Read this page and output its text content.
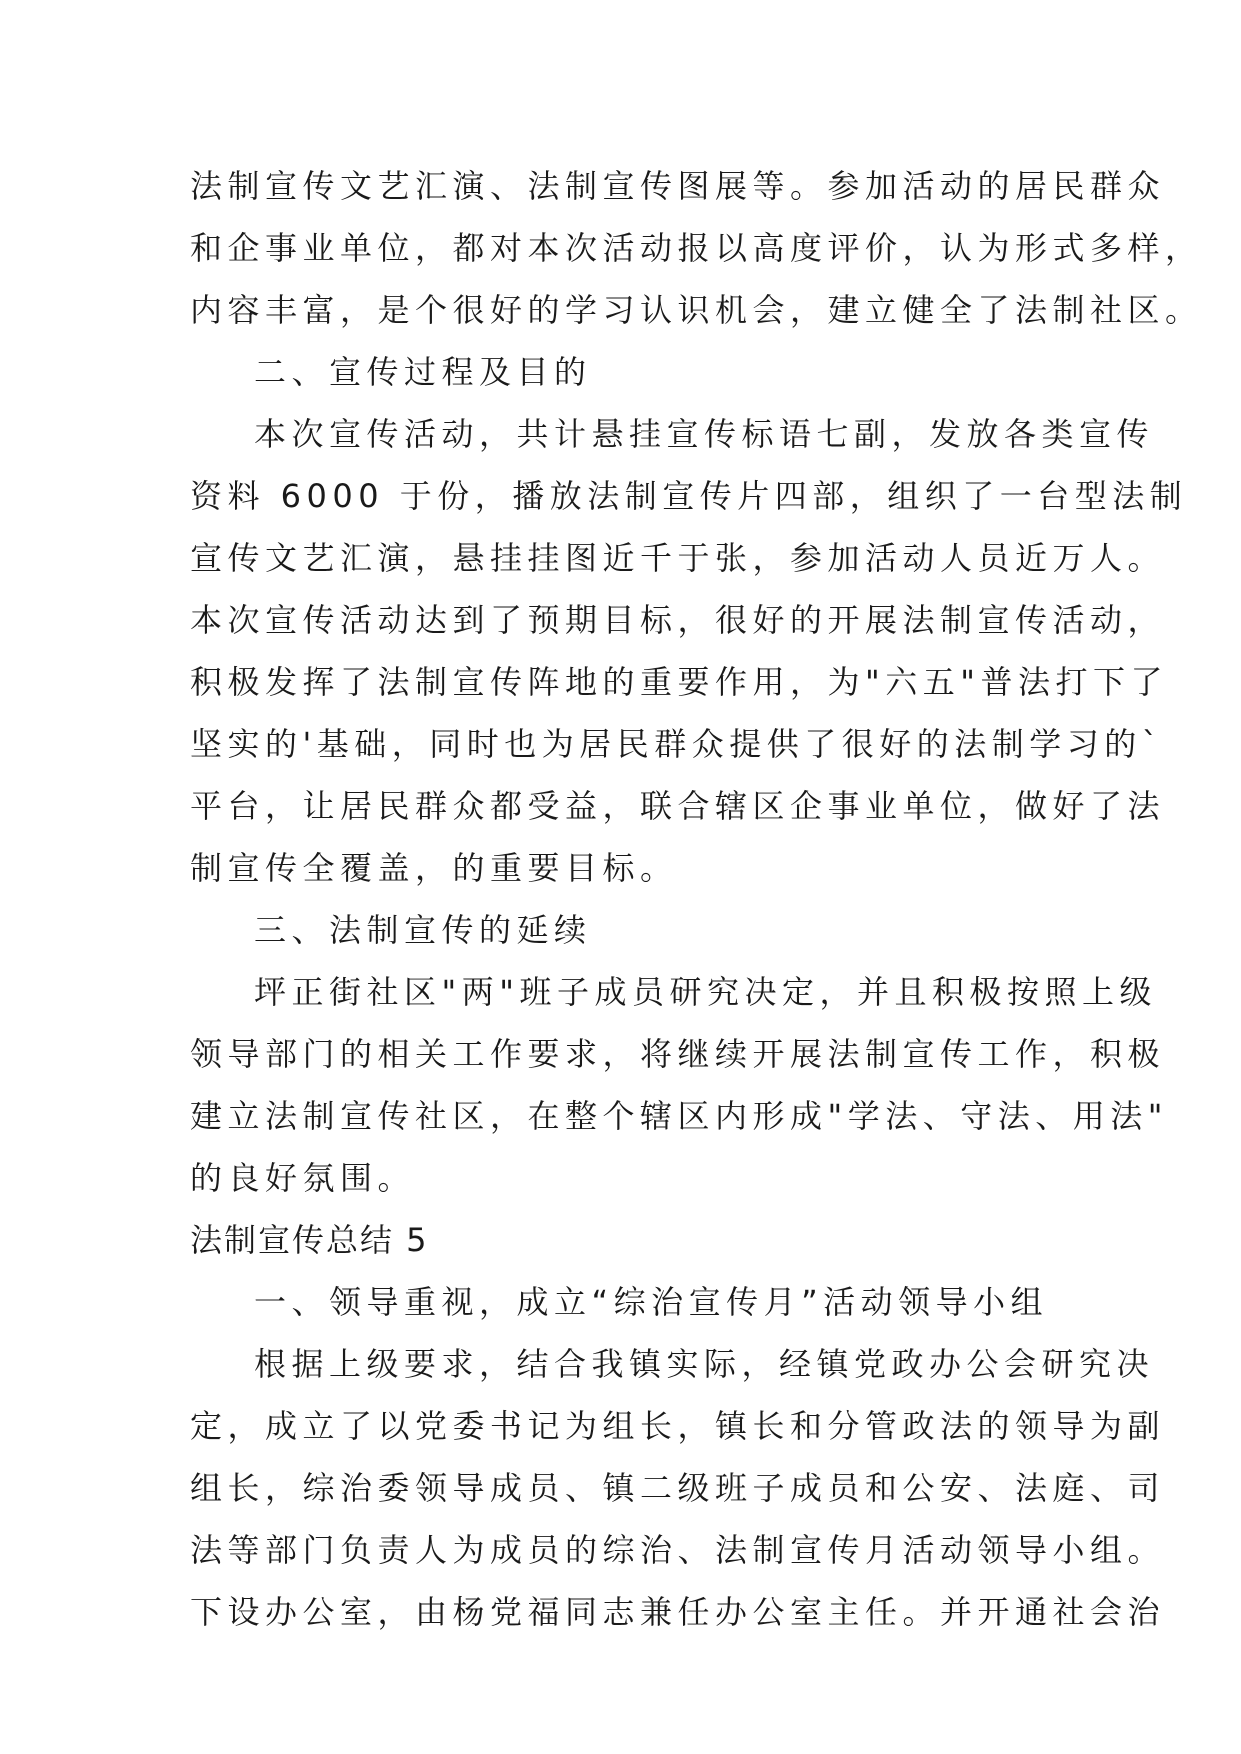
法制宣传文艺汇演、法制宣传图展等。参加活动的居民群众
和企事业单位，都对本次活动报以高度评价，认为形式多样，
内容丰富，是个很好的学习认识机会，建立健全了法制社区。
二、宣传过程及目的
本次宣传活动，共计悬挂宣传标语七副，发放各类宣传
资料 6000 于份，播放法制宣传片四部，组织了一台型法制
宣传文艺汇演，悬挂挂图近千于张，参加活动人员近万人。
本次宣传活动达到了预期目标，很好的开展法制宣传活动，
积极发挥了法制宣传阵地的重要作用，为"六五"普法打下了
坚实的'基础，同时也为居民群众提供了很好的法制学习的`
平台，让居民群众都受益，联合辖区企事业单位，做好了法
制宣传全覆盖，的重要目标。
三、法制宣传的延续
坪正街社区"两"班子成员研究决定，并且积极按照上级
领导部门的相关工作要求，将继续开展法制宣传工作，积极
建立法制宣传社区，在整个辖区内形成"学法、守法、用法"
的良好氛围。
法制宣传总结 5
一、领导重视，成立“综治宣传月”活动领导小组
根据上级要求，结合我镇实际，经镇党政办公会研究决
定，成立了以党委书记为组长，镇长和分管政法的领导为副
组长，综治委领导成员、镇二级班子成员和公安、法庭、司
法等部门负责人为成员的综治、法制宣传月活动领导小组。
下设办公室，由杨党福同志兼任办公室主任。并开通社会治
